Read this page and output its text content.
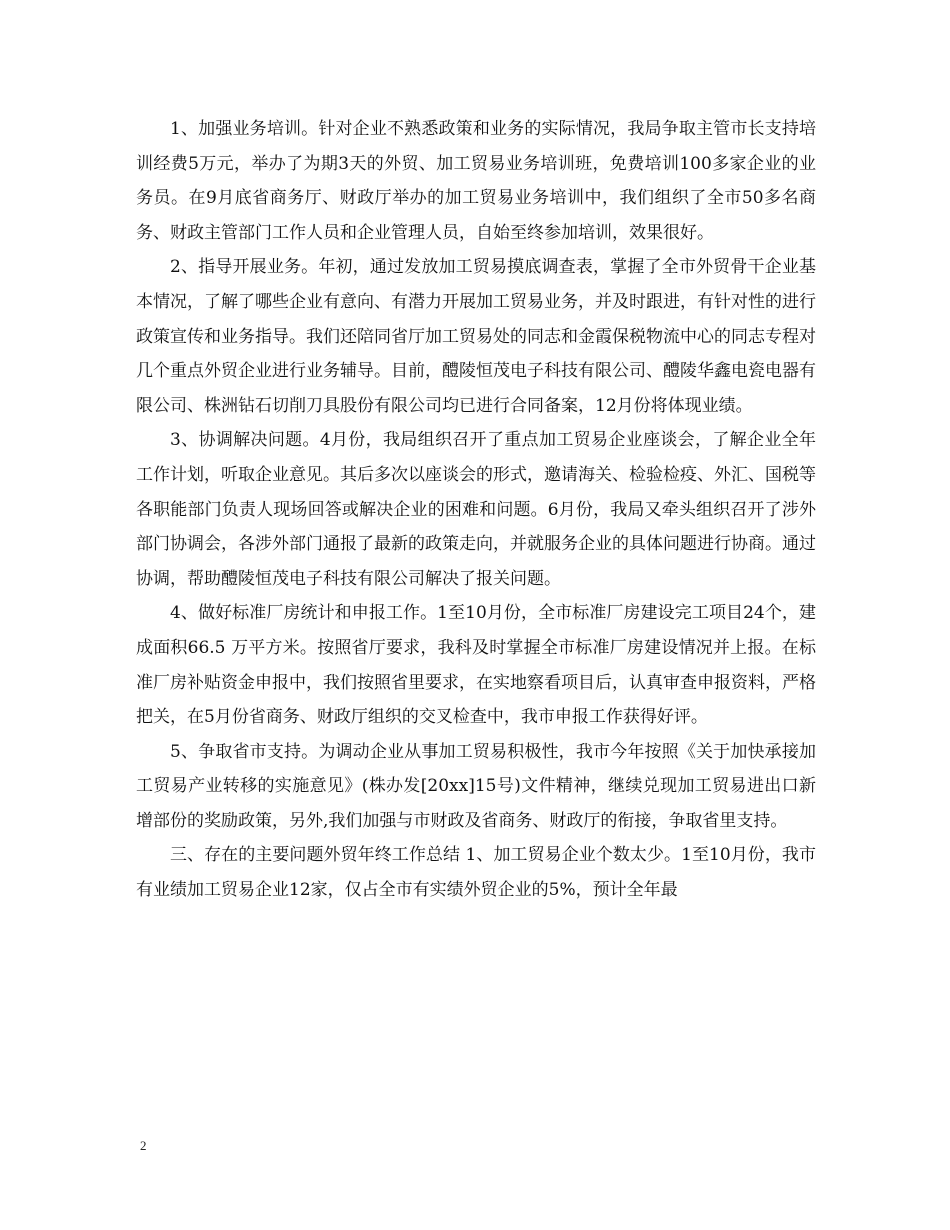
1、加强业务培训。针对企业不熟悉政策和业务的实际情况，我局争取主管市长支持培训经费5万元，举办了为期3天的外贸、加工贸易业务培训班，免费培训100多家企业的业务员。在9月底省商务厅、财政厅举办的加工贸易业务培训中，我们组织了全市50多名商务、财政主管部门工作人员和企业管理人员，自始至终参加培训，效果很好。

2、指导开展业务。年初，通过发放加工贸易摸底调查表，掌握了全市外贸骨干企业基本情况，了解了哪些企业有意向、有潜力开展加工贸易业务，并及时跟进，有针对性的进行政策宣传和业务指导。我们还陪同省厅加工贸易处的同志和金霞保税物流中心的同志专程对几个重点外贸企业进行业务辅导。目前，醴陵恒茂电子科技有限公司、醴陵华鑫电瓷电器有限公司、株洲钻石切削刀具股份有限公司均已进行合同备案，12月份将体现业绩。

3、协调解决问题。4月份，我局组织召开了重点加工贸易企业座谈会，了解企业全年工作计划，听取企业意见。其后多次以座谈会的形式，邀请海关、检验检疫、外汇、国税等各职能部门负责人现场回答或解决企业的困难和问题。6月份，我局又牵头组织召开了涉外部门协调会，各涉外部门通报了最新的政策走向，并就服务企业的具体问题进行协商。通过协调，帮助醴陵恒茂电子科技有限公司解决了报关问题。

4、做好标准厂房统计和申报工作。1至10月份，全市标准厂房建设完工项目24个，建成面积66.5 万平方米。按照省厅要求，我科及时掌握全市标准厂房建设情况并上报。在标准厂房补贴资金申报中，我们按照省里要求，在实地察看项目后，认真审查申报资料，严格把关，在5月份省商务、财政厅组织的交叉检查中，我市申报工作获得好评。

5、争取省市支持。为调动企业从事加工贸易积极性，我市今年按照《关于加快承接加工贸易产业转移的实施意见》(株办发[20xx]15号)文件精神，继续兑现加工贸易进出口新增部份的奖励政策，另外,我们加强与市财政及省商务、财政厅的衔接，争取省里支持。

三、存在的主要问题外贸年终工作总结 1、加工贸易企业个数太少。1至10月份，我市有业绩加工贸易企业12家，仅占全市有实绩外贸企业的5%，预计全年最

2
